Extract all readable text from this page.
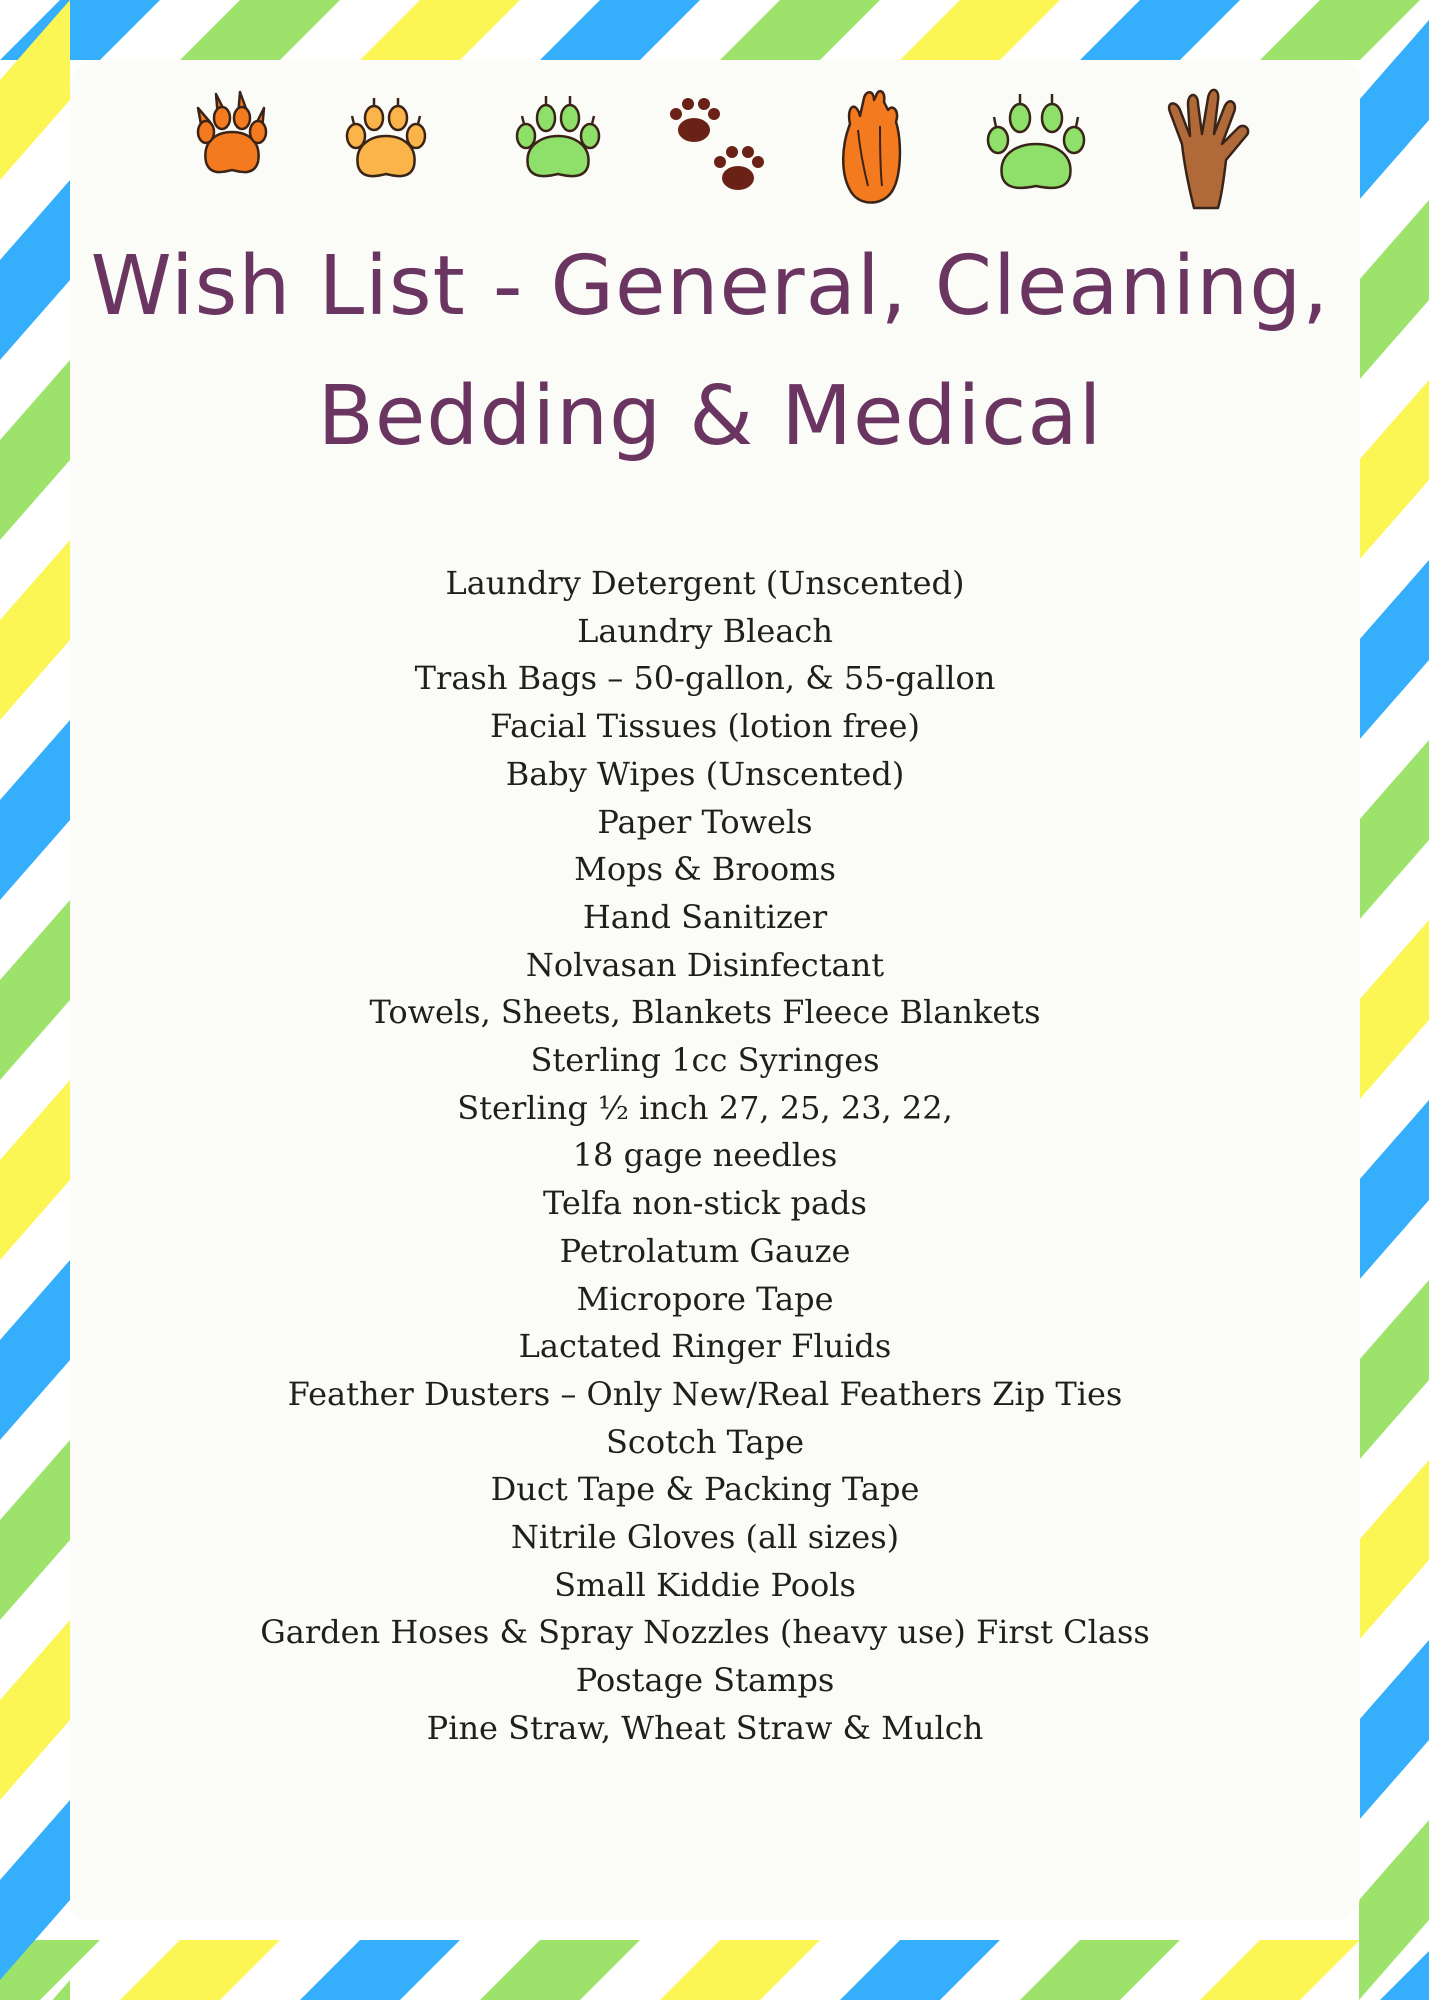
Wish List - General, Cleaning, Bedding & Medical
Laundry Detergent (Unscented)
Laundry Bleach
Trash Bags – 50-gallon, & 55-gallon
Facial Tissues (lotion free)
Baby Wipes (Unscented)
Paper Towels
Mops & Brooms
Hand Sanitizer
Nolvasan Disinfectant
Towels, Sheets, Blankets Fleece Blankets
Sterling 1cc Syringes
Sterling ½ inch 27, 25, 23, 22,
18 gage needles
Telfa non-stick pads
Petrolatum Gauze
Micropore Tape
Lactated Ringer Fluids
Feather Dusters – Only New/Real Feathers Zip Ties
Scotch Tape
Duct Tape & Packing Tape
Nitrile Gloves (all sizes)
Small Kiddie Pools
Garden Hoses & Spray Nozzles (heavy use) First Class
Postage Stamps
Pine Straw, Wheat Straw & Mulch
